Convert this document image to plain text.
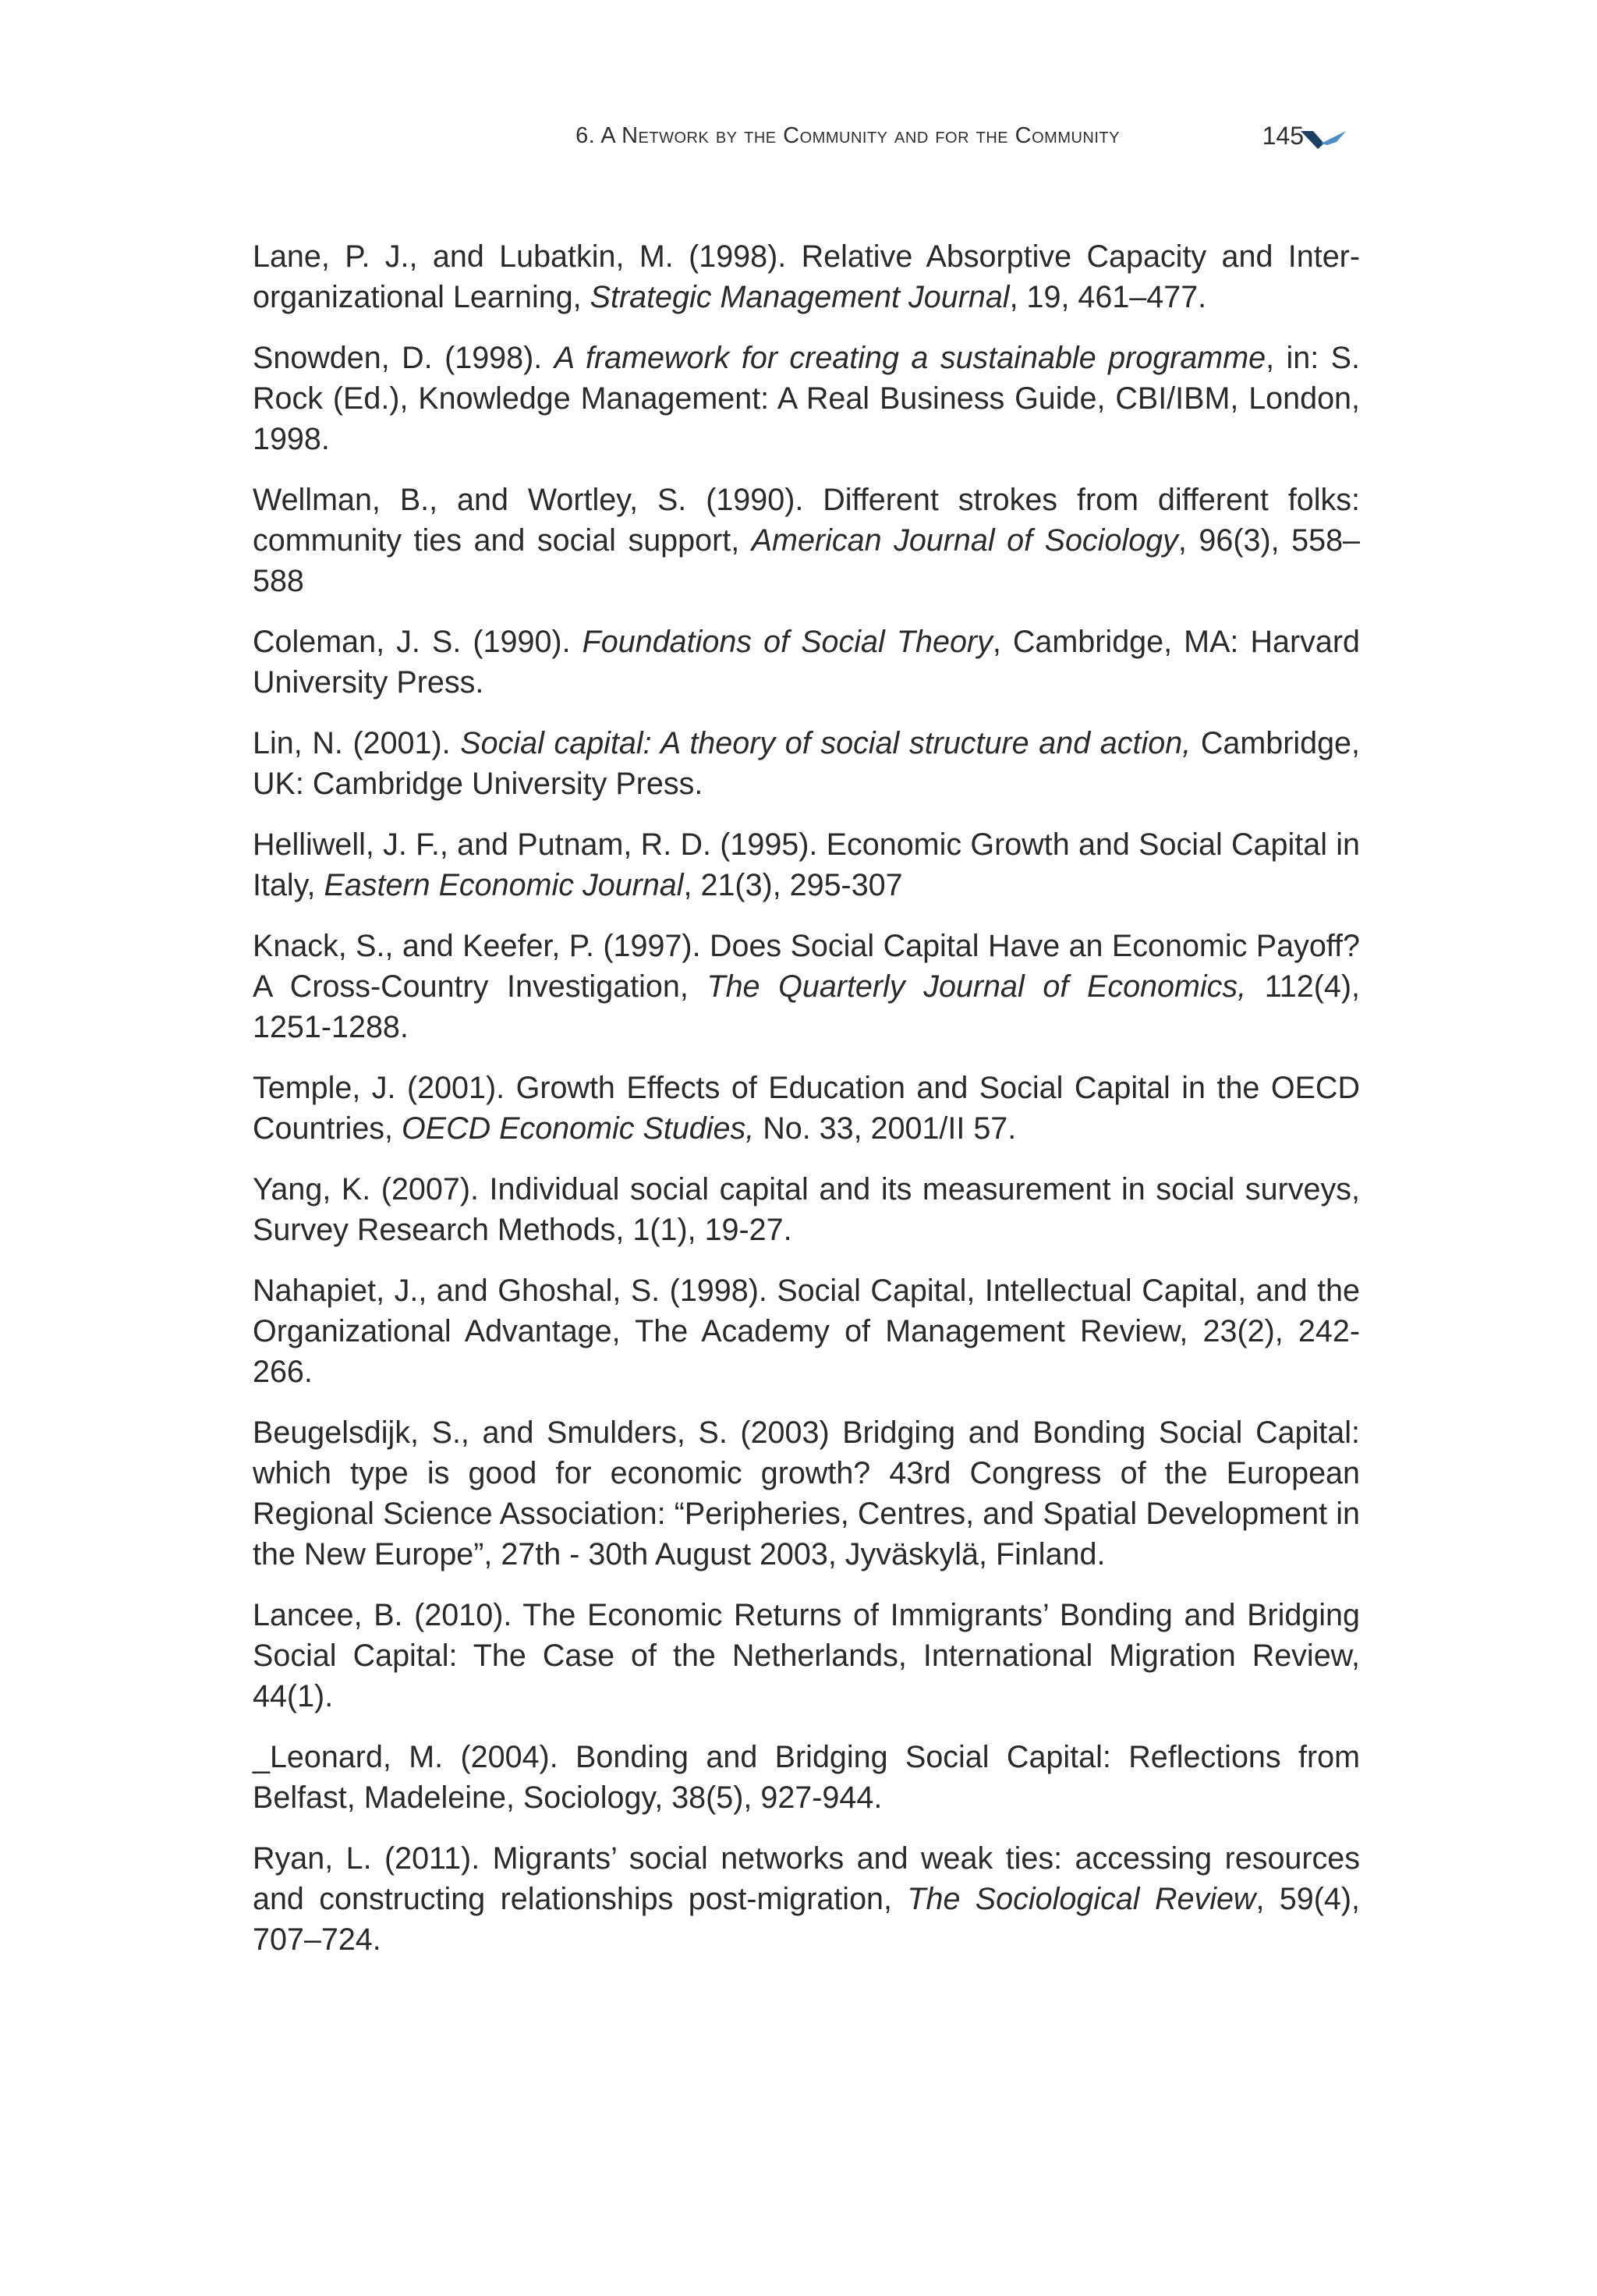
6. A Network by the Community and for the Community	145

Lane, P. J., and Lubatkin, M. (1998). Relative Absorptive Capacity and Inter-organizational Learning, Strategic Management Journal, 19, 461–477.

Snowden, D. (1998). A framework for creating a sustainable programme, in: S. Rock (Ed.), Knowledge Management: A Real Business Guide, CBI/IBM, London, 1998.

Wellman, B., and Wortley, S. (1990). Different strokes from different folks: community ties and social support, American Journal of Sociology, 96(3), 558–588

Coleman, J. S. (1990). Foundations of Social Theory, Cambridge, MA: Harvard University Press.

Lin, N. (2001). Social capital: A theory of social structure and action, Cambridge, UK: Cambridge University Press.

Helliwell, J. F., and Putnam, R. D. (1995). Economic Growth and Social Capital in Italy, Eastern Economic Journal, 21(3), 295-307

Knack, S., and Keefer, P. (1997). Does Social Capital Have an Economic Payoff? A Cross-Country Investigation, The Quarterly Journal of Economics, 112(4), 1251-1288.

Temple, J. (2001). Growth Effects of Education and Social Capital in the OECD Countries, OECD Economic Studies, No. 33, 2001/II 57.

Yang, K. (2007). Individual social capital and its measurement in social surveys, Survey Research Methods, 1(1), 19-27.

Nahapiet, J., and Ghoshal, S. (1998). Social Capital, Intellectual Capital, and the Organizational Advantage, The Academy of Management Review, 23(2), 242-266.

Beugelsdijk, S., and Smulders, S. (2003) Bridging and Bonding Social Capital: which type is good for economic growth? 43rd Congress of the European Regional Science Association: “Peripheries, Centres, and Spatial Development in the New Europe”, 27th - 30th August 2003, Jyväskylä, Finland.

Lancee, B. (2010). The Economic Returns of Immigrants’ Bonding and Bridging Social Capital: The Case of the Netherlands, International Migration Review, 44(1).

_Leonard, M. (2004). Bonding and Bridging Social Capital: Reflections from Belfast, Madeleine, Sociology, 38(5), 927-944.

Ryan, L. (2011). Migrants’ social networks and weak ties: accessing resources and constructing relationships post-migration, The Sociological Review, 59(4), 707–724.
